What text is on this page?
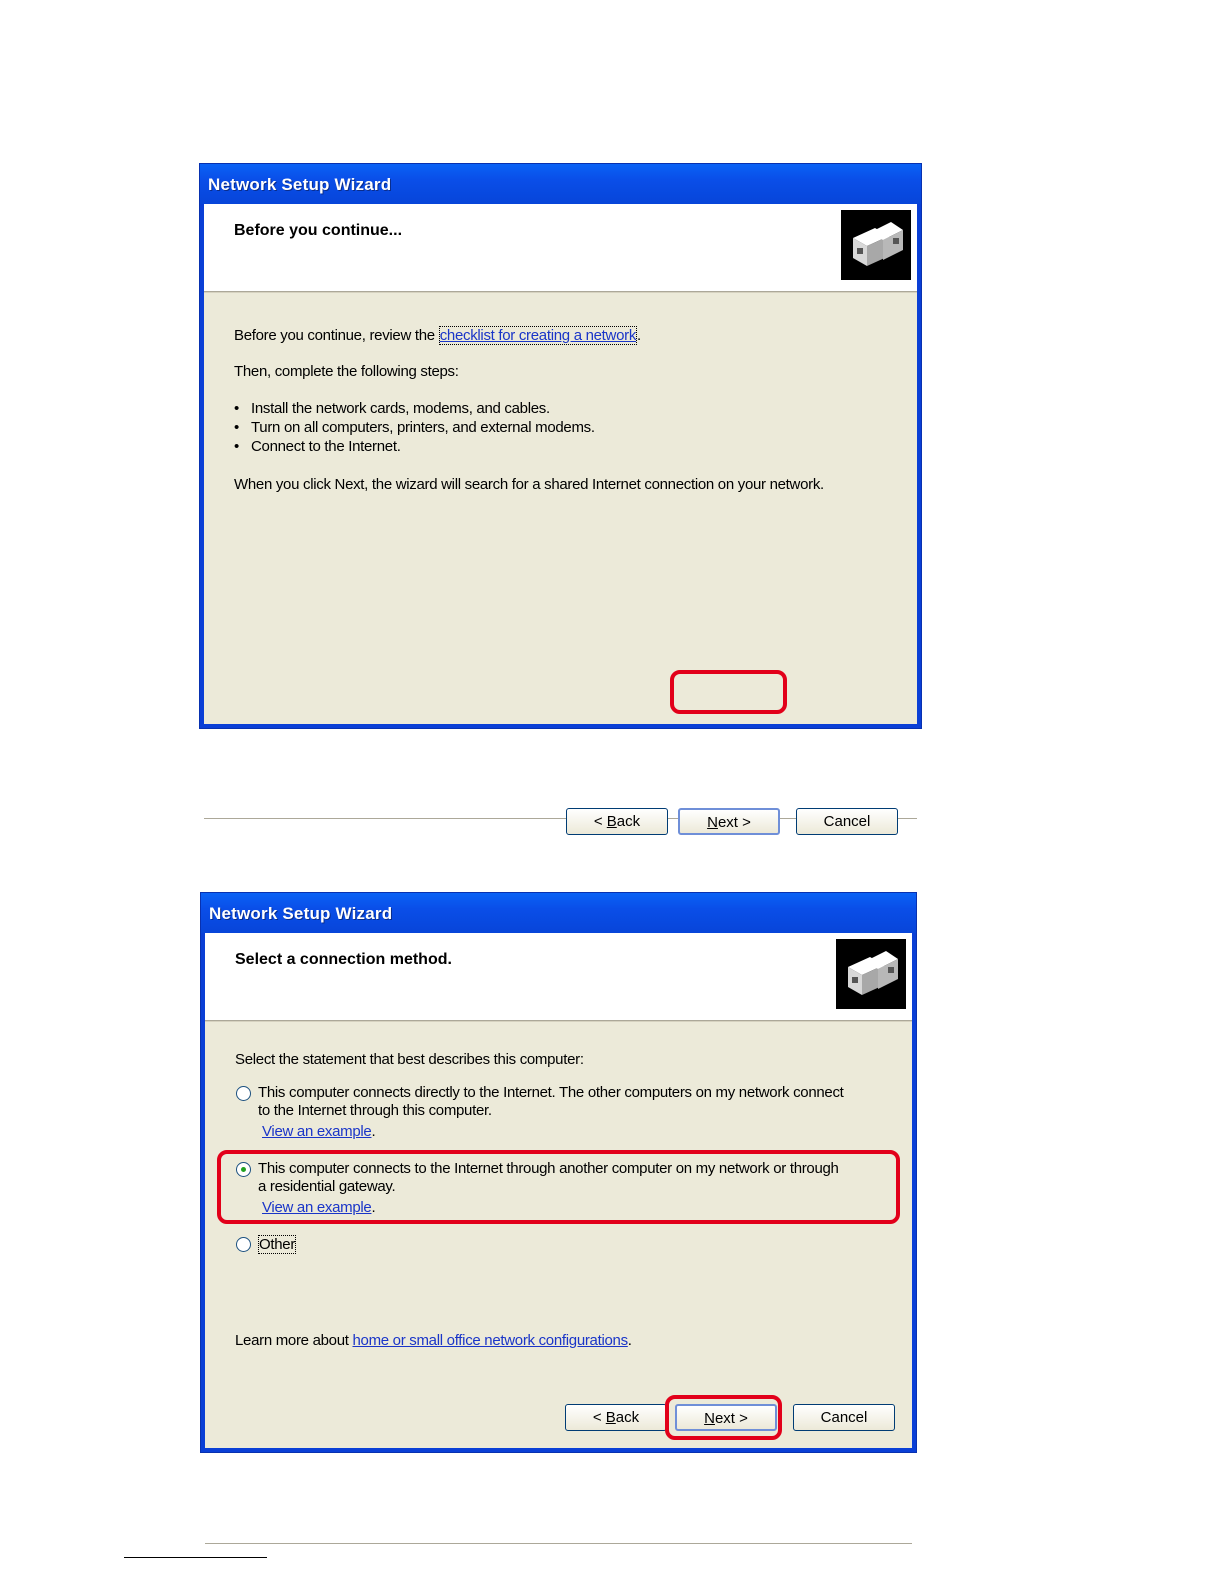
Network Setup Wizard
Before you continue...
Before you continue, review the checklist for creating a network.
Then, complete the following steps:
• Install the network cards, modems, and cables.
• Turn on all computers, printers, and external modems.
• Connect to the Internet.
When you click Next, the wizard will search for a shared Internet connection on your network.
< Back	Next >	Cancel
Network Setup Wizard
Select a connection method.
Select the statement that best describes this computer:
This computer connects directly to the Internet. The other computers on my network connect
to the Internet through this computer.
View an example.
This computer connects to the Internet through another computer on my network or through
a residential gateway.
View an example.
Other
Learn more about home or small office network configurations.
< Back	Next >	Cancel
